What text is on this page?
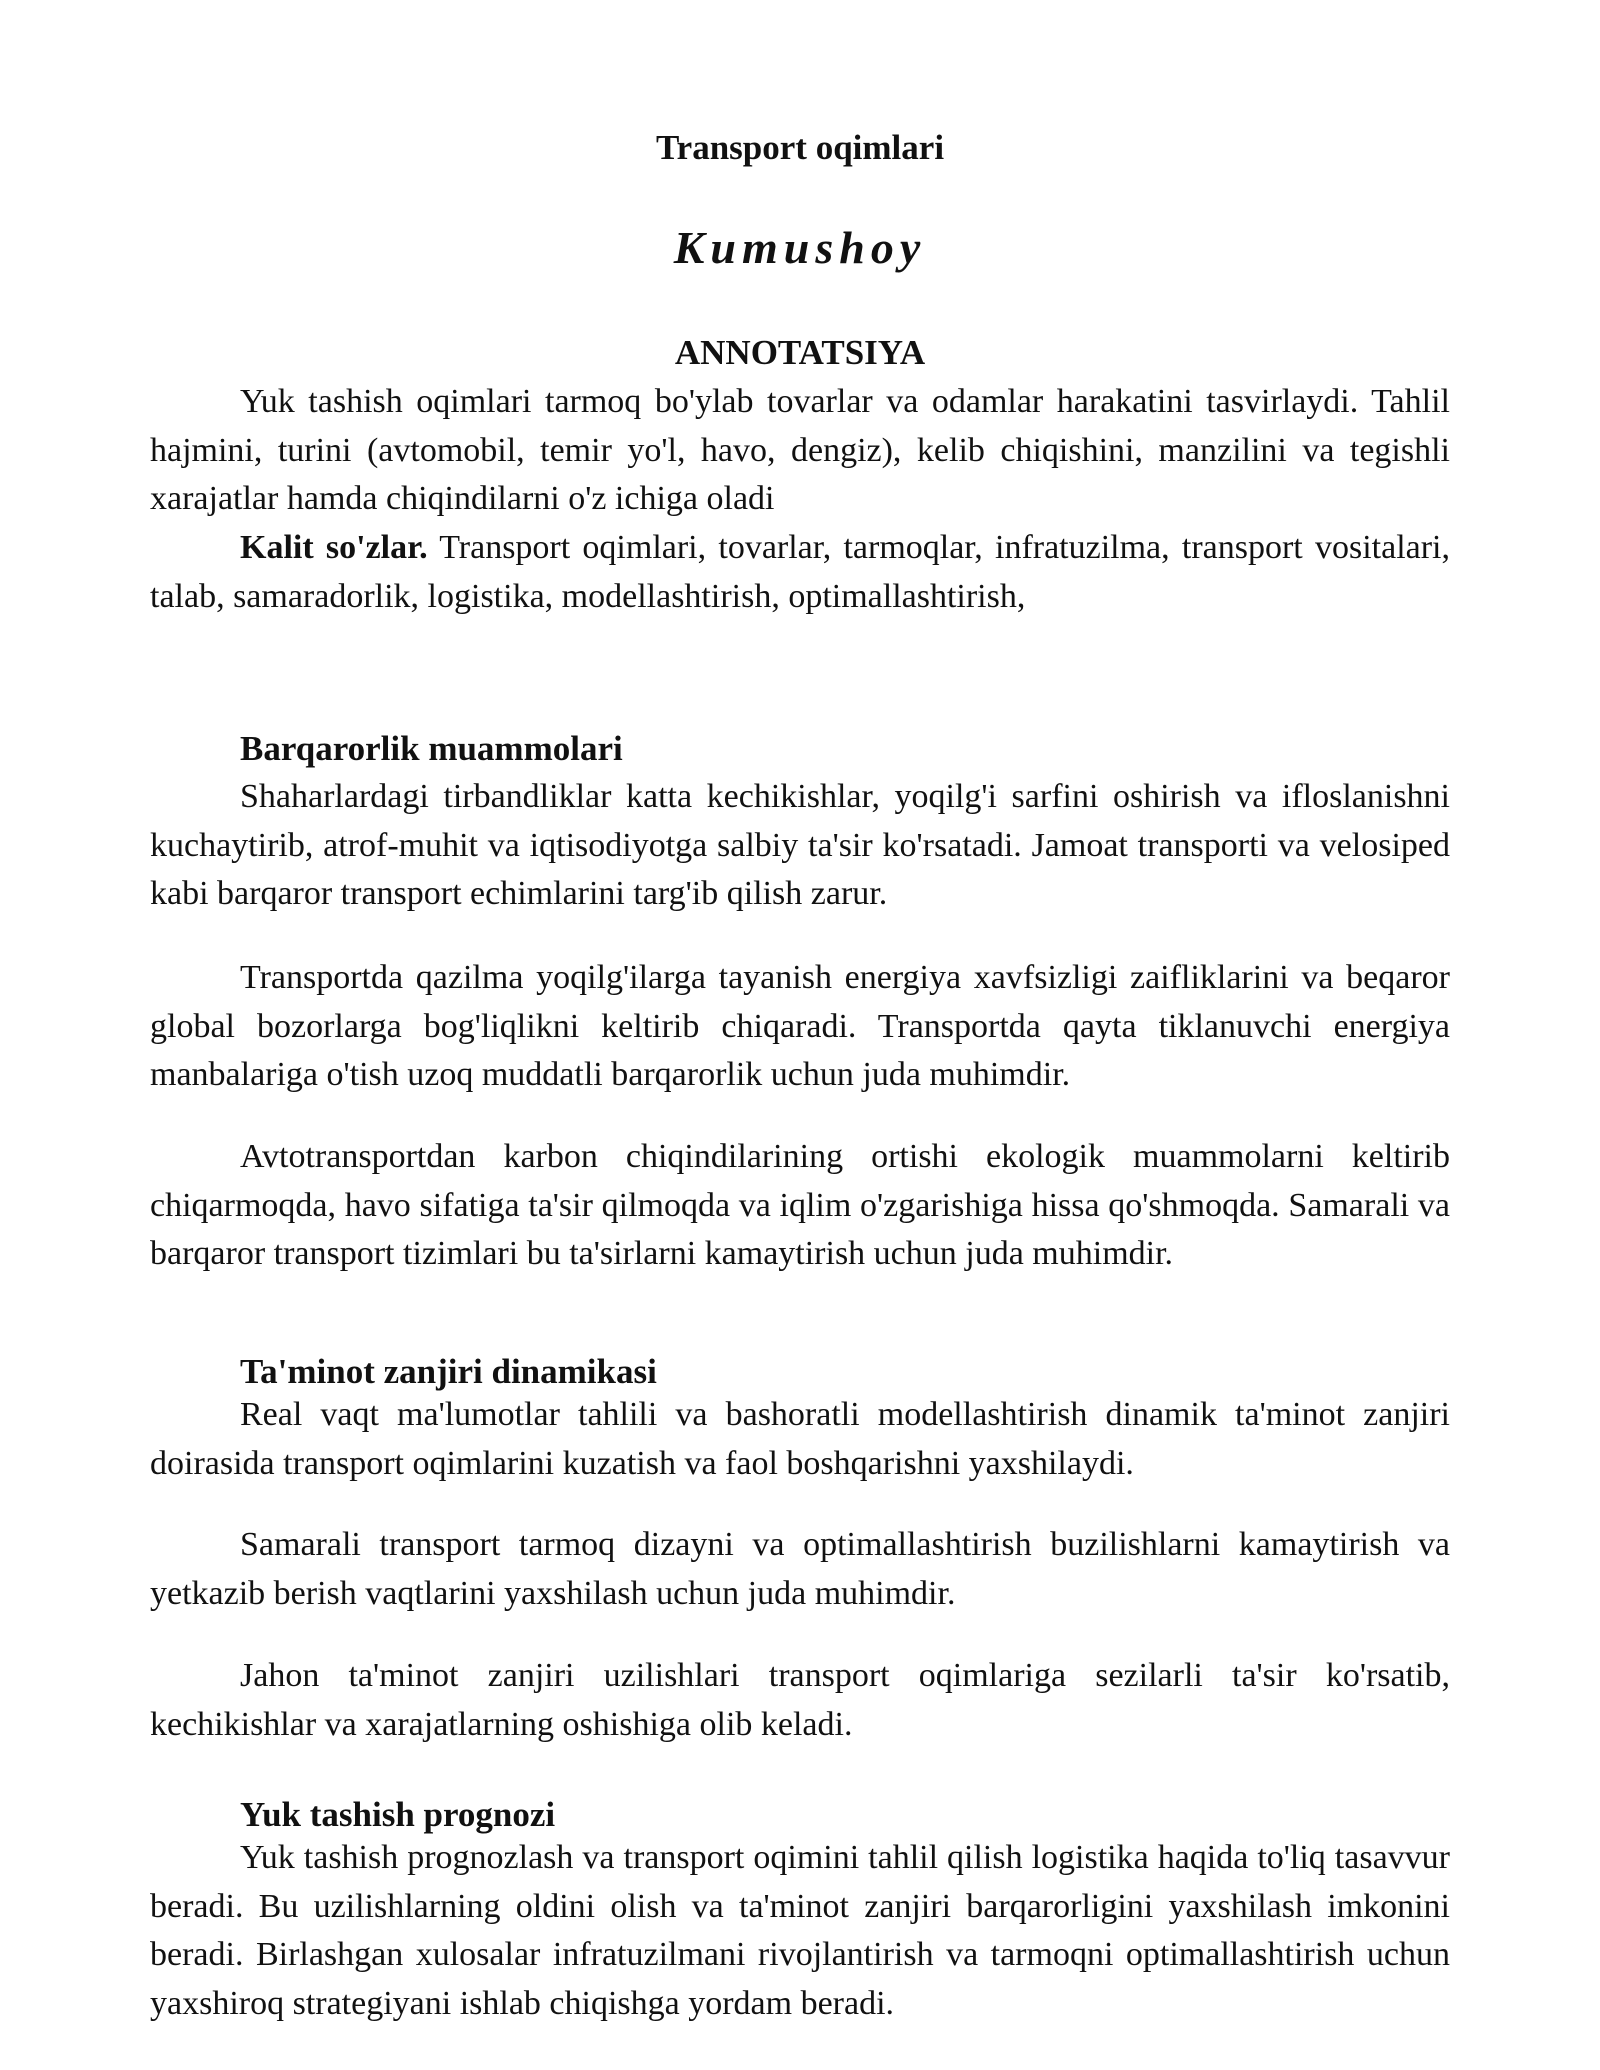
Transport oqimlari
Kumushoy
ANNOTATSIYA

Yuk tashish oqimlari tarmoq bo'ylab tovarlar va odamlar harakatini tasvirlaydi. Tahlil hajmini, turini (avtomobil, temir yo'l, havo, dengiz), kelib chiqishini, manzilini va tegishli xarajatlar hamda chiqindilarni o'z ichiga oladi

Kalit so'zlar. Transport oqimlari, tovarlar, tarmoqlar, infratuzilma, transport vositalari, talab, samaradorlik, logistika, modellashtirish, optimallashtirish,

Barqarorlik muammolari

Shaharlardagi tirbandliklar katta kechikishlar, yoqilg'i sarfini oshirish va ifloslanishni kuchaytirib, atrof-muhit va iqtisodiyotga salbiy ta'sir ko'rsatadi. Jamoat transporti va velosiped kabi barqaror transport echimlarini targ'ib qilish zarur.

Transportda qazilma yoqilg'ilarga tayanish energiya xavfsizligi zaifliklarini va beqaror global bozorlarga bog'liqlikni keltirib chiqaradi. Transportda qayta tiklanuvchi energiya manbalariga o'tish uzoq muddatli barqarorlik uchun juda muhimdir.

Avtotransportdan karbon chiqindilarining ortishi ekologik muammolarni keltirib chiqarmoqda, havo sifatiga ta'sir qilmoqda va iqlim o'zgarishiga hissa qo'shmoqda. Samarali va barqaror transport tizimlari bu ta'sirlarni kamaytirish uchun juda muhimdir.

Ta'minot zanjiri dinamikasi

Real vaqt ma'lumotlar tahlili va bashoratli modellashtirish dinamik ta'minot zanjiri doirasida transport oqimlarini kuzatish va faol boshqarishni yaxshilaydi.

Samarali transport tarmoq dizayni va optimallashtirish buzilishlarni kamaytirish va yetkazib berish vaqtlarini yaxshilash uchun juda muhimdir.

Jahon ta'minot zanjiri uzilishlari transport oqimlariga sezilarli ta'sir ko'rsatib, kechikishlar va xarajatlarning oshishiga olib keladi.

Yuk tashish prognozi

Yuk tashish prognozlash va transport oqimini tahlil qilish logistika haqida to'liq tasavvur beradi. Bu uzilishlarning oldini olish va ta'minot zanjiri barqarorligini yaxshilash imkonini beradi. Birlashgan xulosalar infratuzilmani rivojlantirish va tarmoqni optimallashtirish uchun yaxshiroq strategiyani ishlab chiqishga yordam beradi.
